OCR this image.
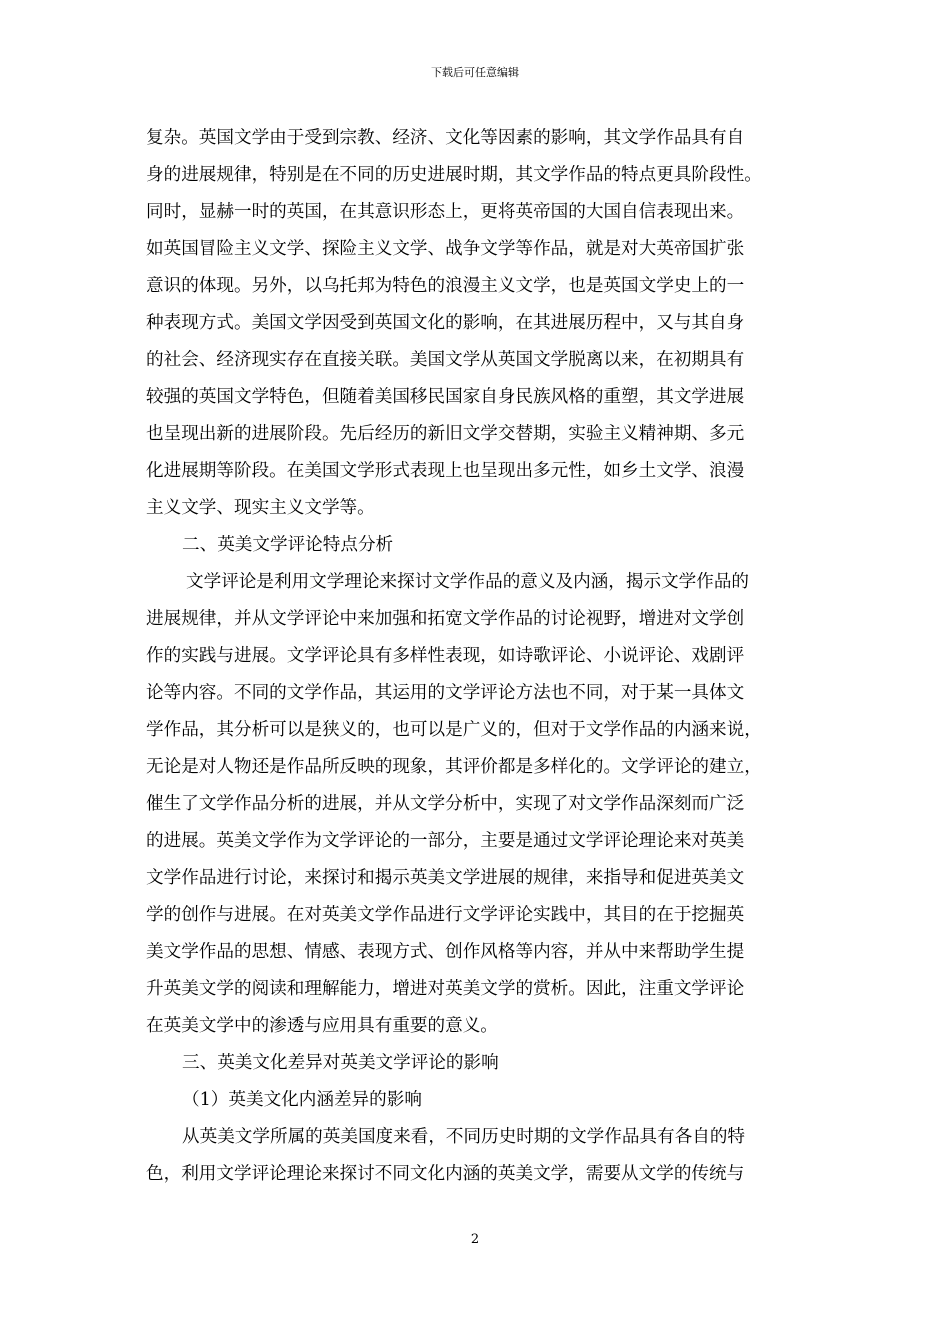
下载后可任意编辑
复杂。英国文学由于受到宗教、经济、文化等因素的影响，其文学作品具有自
身的进展规律，特别是在不同的历史进展时期，其文学作品的特点更具阶段性。
同时，显赫一时的英国，在其意识形态上，更将英帝国的大国自信表现出来。
如英国冒险主义文学、探险主义文学、战争文学等作品，就是对大英帝国扩张
意识的体现。另外，以乌托邦为特色的浪漫主义文学，也是英国文学史上的一
种表现方式。美国文学因受到英国文化的影响，在其进展历程中，又与其自身
的社会、经济现实存在直接关联。美国文学从英国文学脱离以来，在初期具有
较强的英国文学特色，但随着美国移民国家自身民族风格的重塑，其文学进展
也呈现出新的进展阶段。先后经历的新旧文学交替期，实验主义精神期、多元
化进展期等阶段。在美国文学形式表现上也呈现出多元性，如乡土文学、浪漫
主义文学、现实主义文学等。
二、英美文学评论特点分析
文学评论是利用文学理论来探讨文学作品的意义及内涵，揭示文学作品的
进展规律，并从文学评论中来加强和拓宽文学作品的讨论视野，增进对文学创
作的实践与进展。文学评论具有多样性表现，如诗歌评论、小说评论、戏剧评
论等内容。不同的文学作品，其运用的文学评论方法也不同，对于某一具体文
学作品，其分析可以是狭义的，也可以是广义的，但对于文学作品的内涵来说，
无论是对人物还是作品所反映的现象，其评价都是多样化的。文学评论的建立，
催生了文学作品分析的进展，并从文学分析中，实现了对文学作品深刻而广泛
的进展。英美文学作为文学评论的一部分，主要是通过文学评论理论来对英美
文学作品进行讨论，来探讨和揭示英美文学进展的规律，来指导和促进英美文
学的创作与进展。在对英美文学作品进行文学评论实践中，其目的在于挖掘英
美文学作品的思想、情感、表现方式、创作风格等内容，并从中来帮助学生提
升英美文学的阅读和理解能力，增进对英美文学的赏析。因此，注重文学评论
在英美文学中的渗透与应用具有重要的意义。
三、英美文化差异对英美文学评论的影响
（1）英美文化内涵差异的影响
从英美文学所属的英美国度来看，不同历史时期的文学作品具有各自的特
色，利用文学评论理论来探讨不同文化内涵的英美文学，需要从文学的传统与
2
